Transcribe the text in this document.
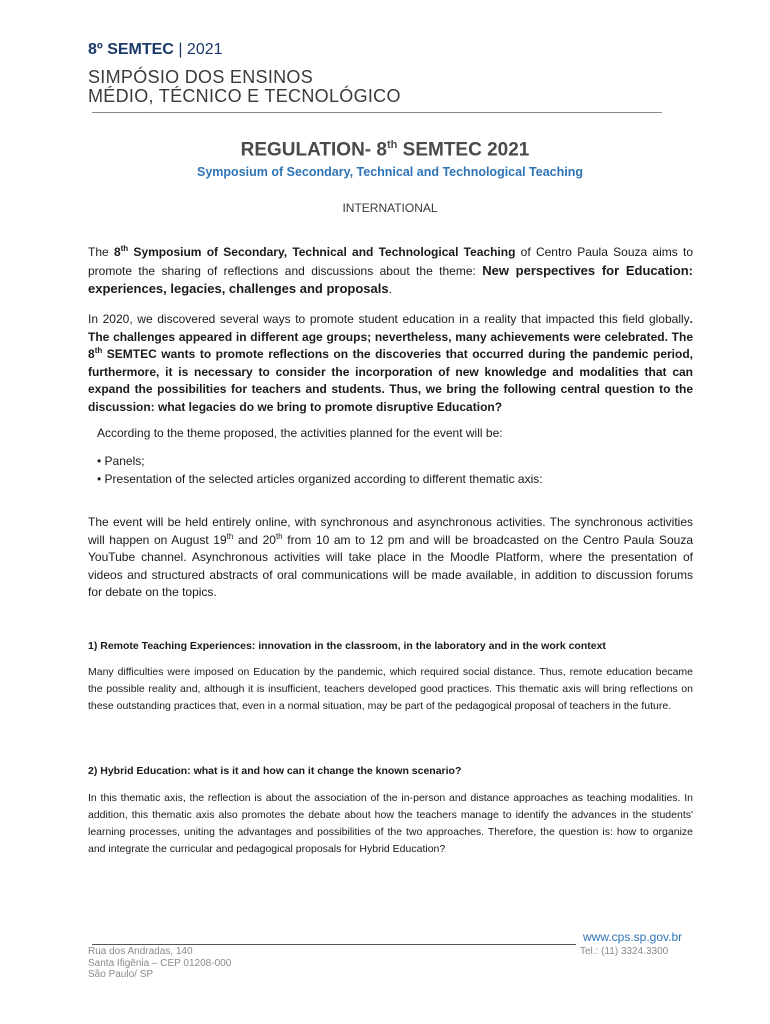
8º SEMTEC | 2021
SIMPÓSIO DOS ENSINOS
MÉDIO, TÉCNICO E TECNOLÓGICO
REGULATION- 8th SEMTEC 2021
Symposium of Secondary, Technical and Technological Teaching
INTERNATIONAL

The 8th Symposium of Secondary, Technical and Technological Teaching of Centro Paula Souza aims to promote the sharing of reflections and discussions about the theme: New perspectives for Education: experiences, legacies, challenges and proposals.

In 2020, we discovered several ways to promote student education in a reality that impacted this field globally. The challenges appeared in different age groups; nevertheless, many achievements were celebrated. The 8th SEMTEC wants to promote reflections on the discoveries that occurred during the pandemic period, furthermore, it is necessary to consider the incorporation of new knowledge and modalities that can expand the possibilities for teachers and students. Thus, we bring the following central question to the discussion: what legacies do we bring to promote disruptive Education?

According to the theme proposed, the activities planned for the event will be:

• Panels;
• Presentation of the selected articles organized according to different thematic axis:

The event will be held entirely online, with synchronous and asynchronous activities. The synchronous activities will happen on August 19th and 20th from 10 am to 12 pm and will be broadcasted on the Centro Paula Souza YouTube channel. Asynchronous activities will take place in the Moodle Platform, where the presentation of videos and structured abstracts of oral communications will be made available, in addition to discussion forums for debate on the topics.

1) Remote Teaching Experiences: innovation in the classroom, in the laboratory and in the work context

Many difficulties were imposed on Education by the pandemic, which required social distance. Thus, remote education became the possible reality and, although it is insufficient, teachers developed good practices. This thematic axis will bring reflections on these outstanding practices that, even in a normal situation, may be part of the pedagogical proposal of teachers in the future.

2) Hybrid Education: what is it and how can it change the known scenario?

In this thematic axis, the reflection is about the association of the in-person and distance approaches as teaching modalities. In addition, this thematic axis also promotes the debate about how the teachers manage to identify the advances in the students' learning processes, uniting the advantages and possibilities of the two approaches. Therefore, the question is: how to organize and integrate the curricular and pedagogical proposals for Hybrid Education?

www.cps.sp.gov.br
Rua dos Andradas, 140
Santa Ifigênia – CEP 01208-000
São Paulo/ SP
Tel.: (11) 3324.3300
